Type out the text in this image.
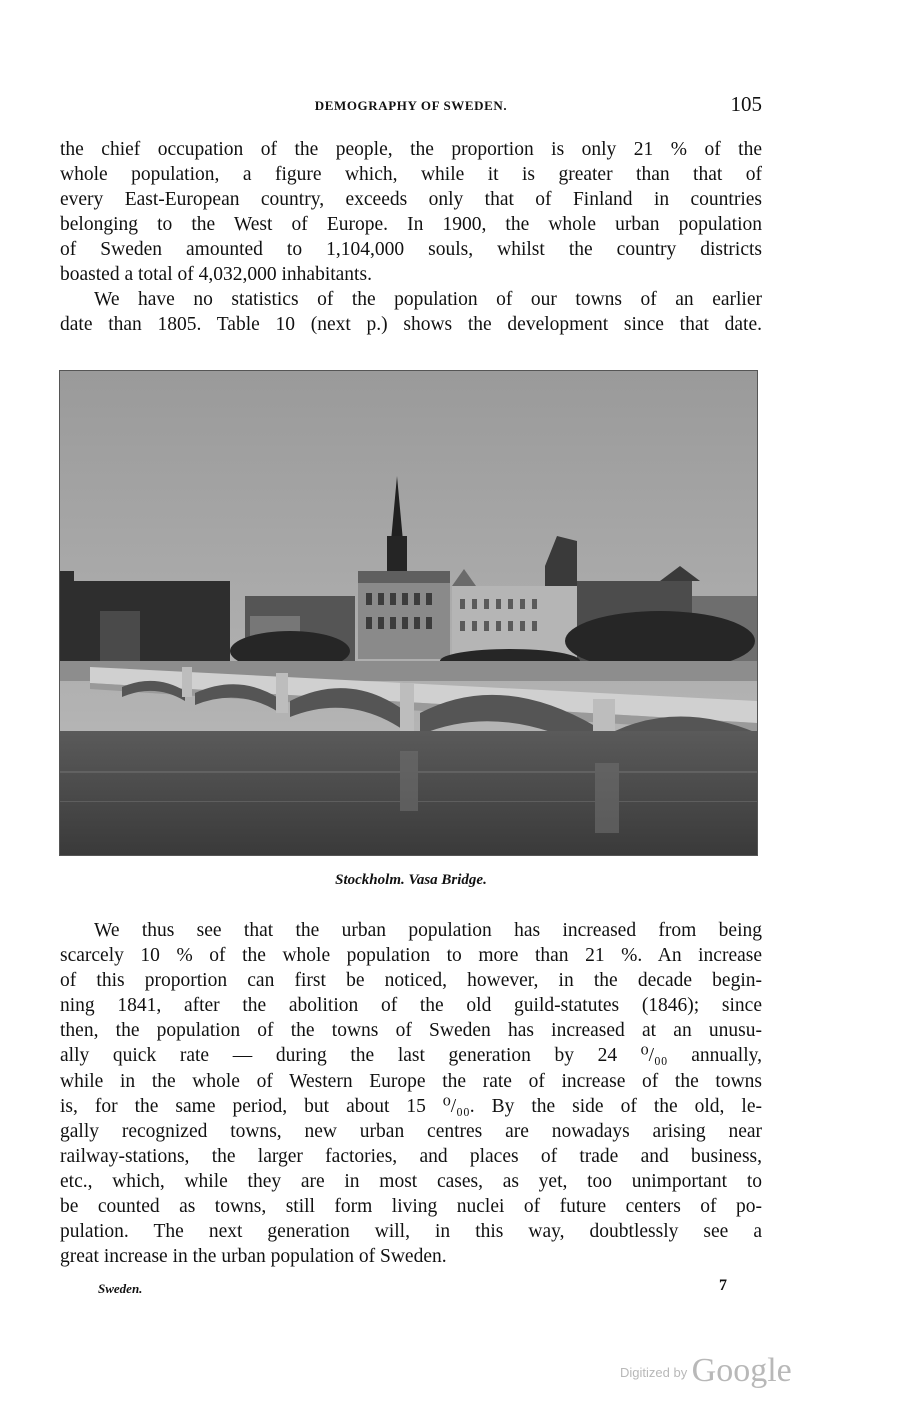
DEMOGRAPHY OF SWEDEN.	105
the chief occupation of the people, the proportion is only 21 % of the
whole population, a figure which, while it is greater than that of
every East-European country, exceeds only that of Finland in countries
belonging to the West of Europe. In 1900, the whole urban population
of Sweden amounted to 1,104,000 souls, whilst the country districts
boasted a total of 4,032,000 inhabitants.
We have no statistics of the population of our towns of an earlier
date than 1805. Table 10 (next p.) shows the development since that date.
Stockholm. Vasa Bridge.
We thus see that the urban population has increased from being
scarcely 10 % of the whole population to more than 21 %. An increase
of this proportion can first be noticed, however, in the decade begin-
ning 1841, after the abolition of the old guild-statutes (1846); since
then, the population of the towns of Sweden has increased at an unusu-
ally quick rate — during the last generation by 24 ⁰/₀₀ annually,
while in the whole of Western Europe the rate of increase of the towns
is, for the same period, but about 15 ⁰/₀₀. By the side of the old, le-
gally recognized towns, new urban centres are nowadays arising near
railway-stations, the larger factories, and places of trade and business,
etc., which, while they are in most cases, as yet, too unimportant to
be counted as towns, still form living nuclei of future centers of po-
pulation. The next generation will, in this way, doubtlessly see a
great increase in the urban population of Sweden.
Sweden.	7
$^{Digitized by}$ Google
